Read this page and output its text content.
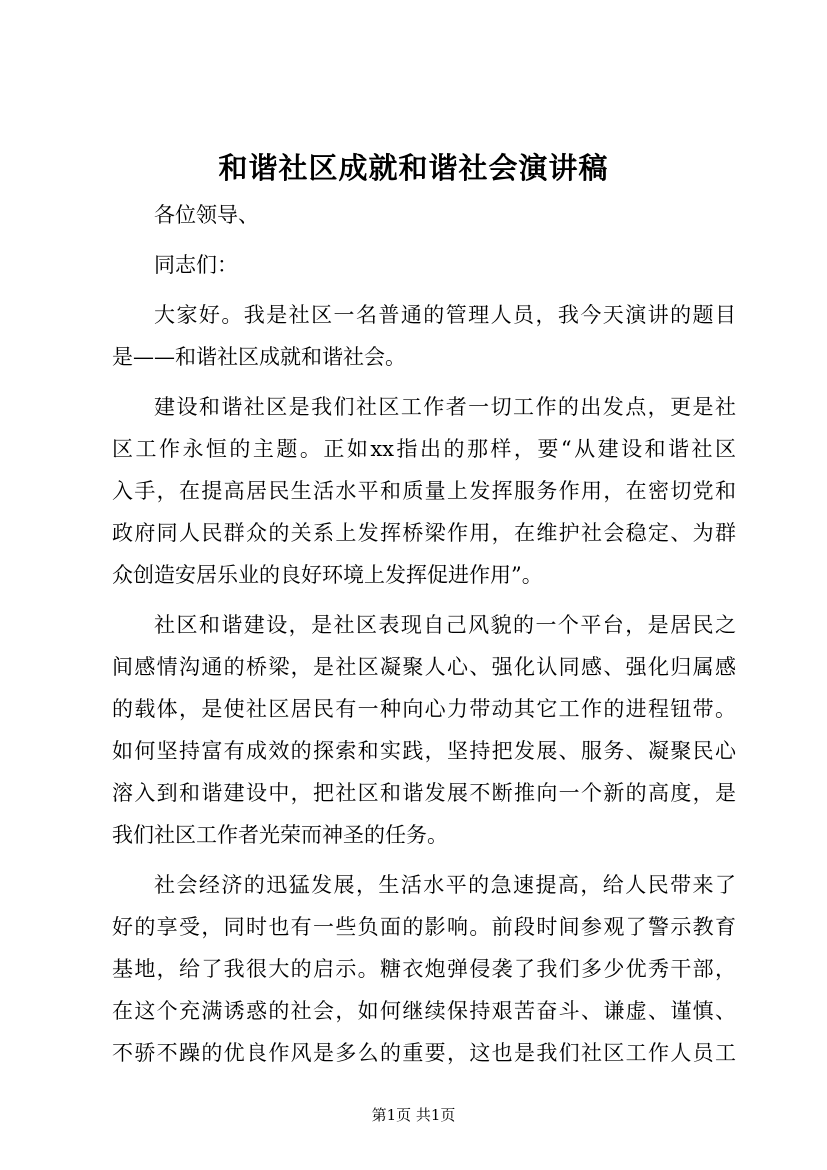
和谐社区成就和谐社会演讲稿
各位领导、
同志们：
大家好。我是社区一名普通的管理人员，我今天演讲的题目
是——和谐社区成就和谐社会。
建设和谐社区是我们社区工作者一切工作的出发点，更是社
区工作永恒的主题。正如xx指出的那样，要“从建设和谐社区
入手，在提高居民生活水平和质量上发挥服务作用，在密切党和
政府同人民群众的关系上发挥桥梁作用，在维护社会稳定、为群
众创造安居乐业的良好环境上发挥促进作用”。
社区和谐建设，是社区表现自己风貌的一个平台，是居民之
间感情沟通的桥梁，是社区凝聚人心、强化认同感、强化归属感
的载体，是使社区居民有一种向心力带动其它工作的进程钮带。
如何坚持富有成效的探索和实践，坚持把发展、服务、凝聚民心
溶入到和谐建设中，把社区和谐发展不断推向一个新的高度，是
我们社区工作者光荣而神圣的任务。
社会经济的迅猛发展，生活水平的急速提高，给人民带来了
好的享受，同时也有一些负面的影响。前段时间参观了警示教育
基地，给了我很大的启示。糖衣炮弹侵袭了我们多少优秀干部，
在这个充满诱惑的社会，如何继续保持艰苦奋斗、谦虚、谨慎、
不骄不躁的优良作风是多么的重要，这也是我们社区工作人员工
第1页 共1页
